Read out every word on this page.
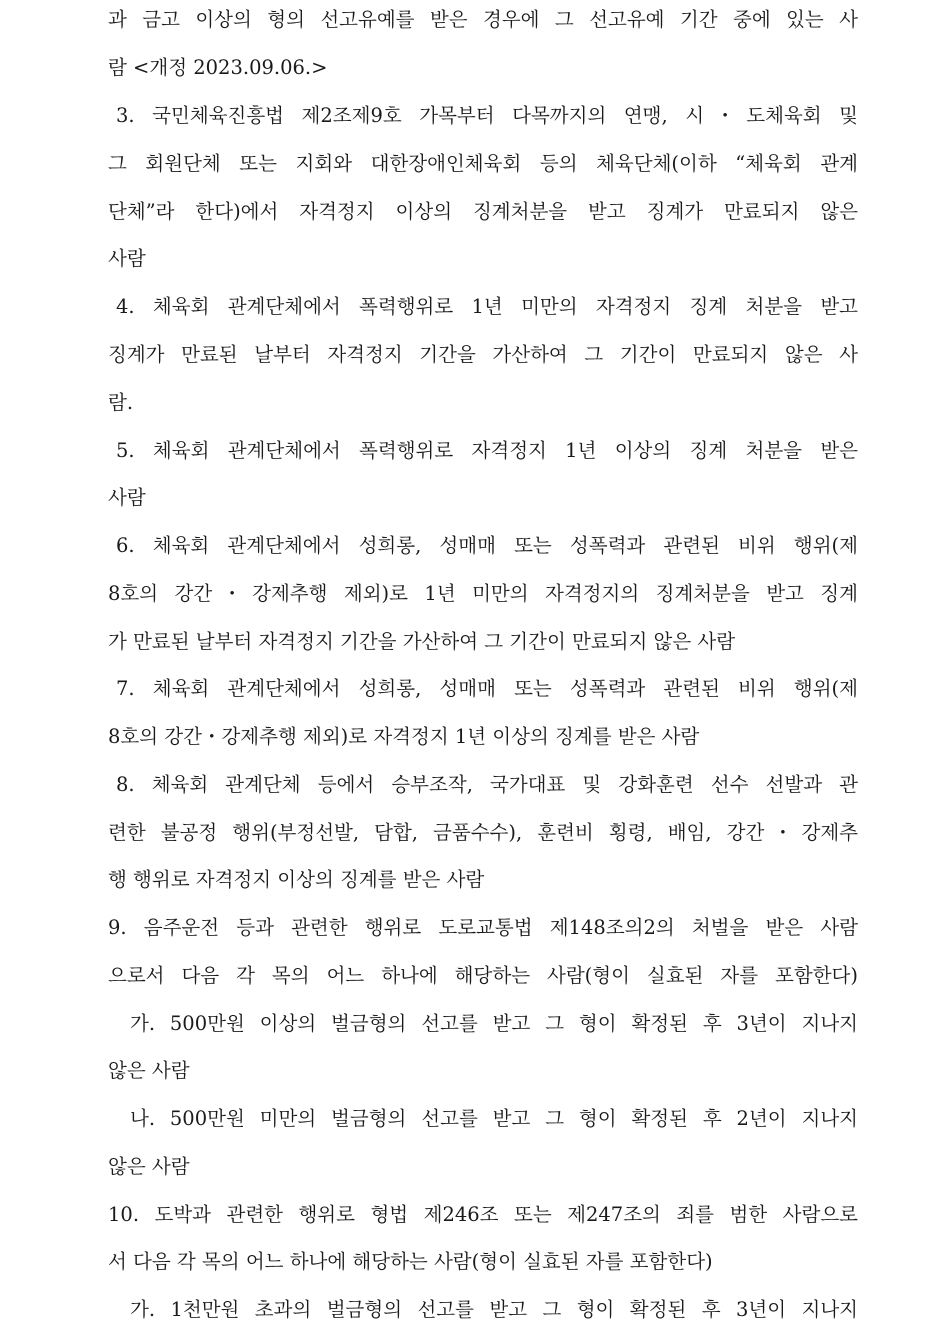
과 금고 이상의 형의 선고유예를 받은 경우에 그 선고유예 기간 중에 있는 사
람 <개정 2023.09.06.>
3. 국민체육진흥법 제2조제9호 가목부터 다목까지의 연맹, 시・도체육회 및
그 회원단체 또는 지회와 대한장애인체육회 등의 체육단체(이하 “체육회 관계
단체”라 한다)에서 자격정지 이상의 징계처분을 받고 징계가 만료되지 않은
사람
4. 체육회 관계단체에서 폭력행위로 1년 미만의 자격정지 징계 처분을 받고
징계가 만료된 날부터 자격정지 기간을 가산하여 그 기간이 만료되지 않은 사
람.
5. 체육회 관계단체에서 폭력행위로 자격정지 1년 이상의 징계 처분을 받은
사람
6. 체육회 관계단체에서 성희롱, 성매매 또는 성폭력과 관련된 비위 행위(제
8호의 강간・강제추행 제외)로 1년 미만의 자격정지의 징계처분을 받고 징계
가 만료된 날부터 자격정지 기간을 가산하여 그 기간이 만료되지 않은 사람
7. 체육회 관계단체에서 성희롱, 성매매 또는 성폭력과 관련된 비위 행위(제
8호의 강간・강제추행 제외)로 자격정지 1년 이상의 징계를 받은 사람
8. 체육회 관계단체 등에서 승부조작, 국가대표 및 강화훈련 선수 선발과 관
련한 불공정 행위(부정선발, 담합, 금품수수), 훈련비 횡령, 배임, 강간・강제추
행 행위로 자격정지 이상의 징계를 받은 사람
9. 음주운전 등과 관련한 행위로 도로교통법 제148조의2의 처벌을 받은 사람
으로서 다음 각 목의 어느 하나에 해당하는 사람(형이 실효된 자를 포함한다)
가. 500만원 이상의 벌금형의 선고를 받고 그 형이 확정된 후 3년이 지나지
않은 사람
나. 500만원 미만의 벌금형의 선고를 받고 그 형이 확정된 후 2년이 지나지
않은 사람
10. 도박과 관련한 행위로 형법 제246조 또는 제247조의 죄를 범한 사람으로
서 다음 각 목의 어느 하나에 해당하는 사람(형이 실효된 자를 포함한다)
가. 1천만원 초과의 벌금형의 선고를 받고 그 형이 확정된 후 3년이 지나지
